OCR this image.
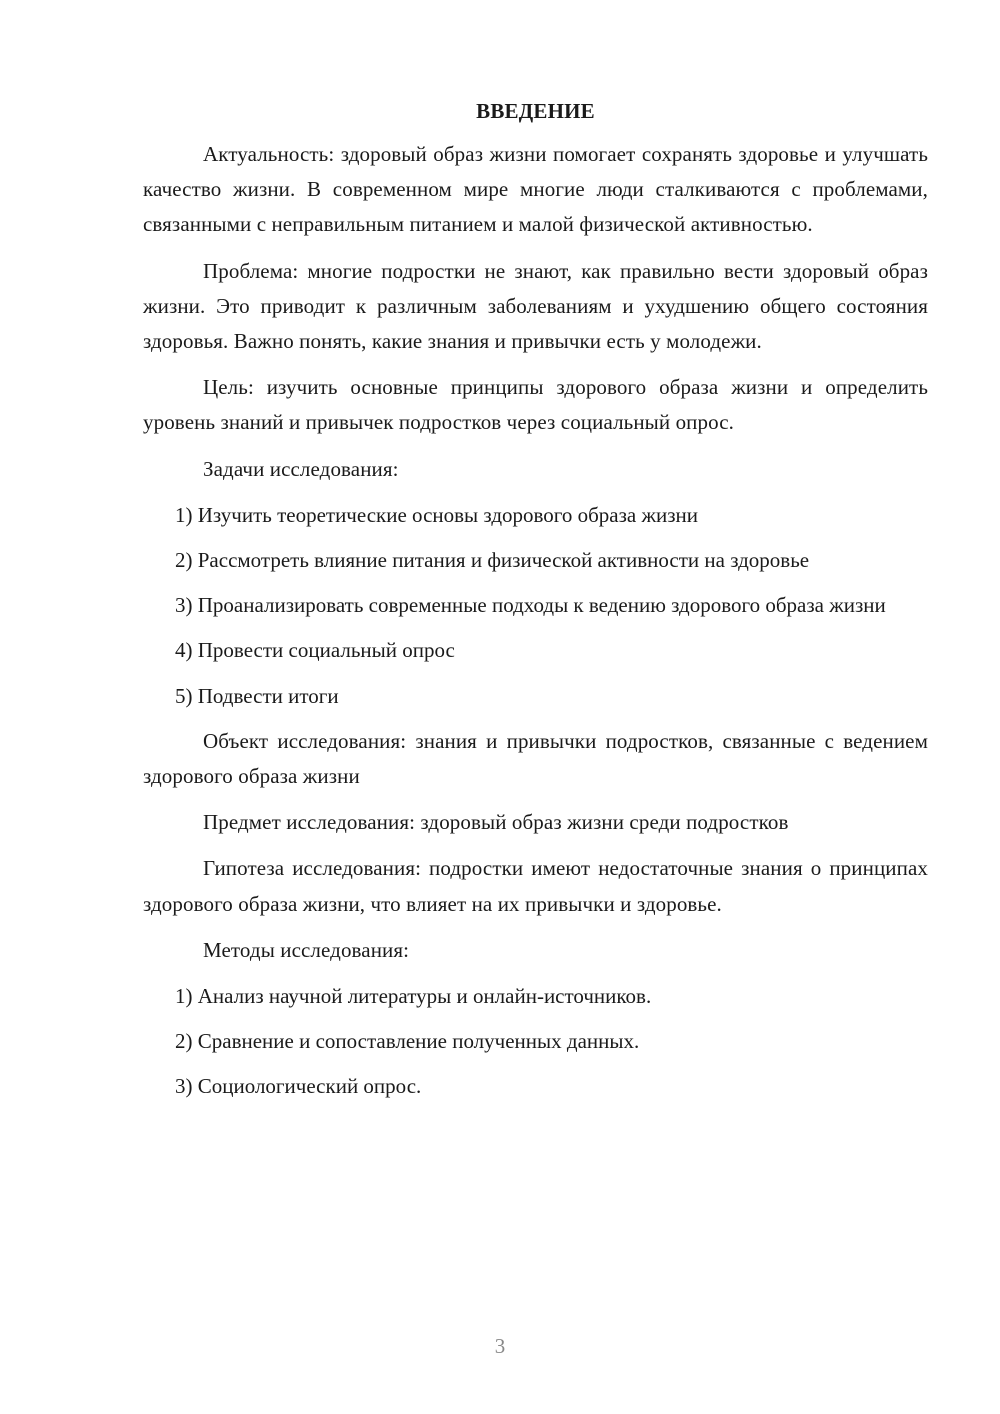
ВВЕДЕНИЕ

Актуальность: здоровый образ жизни помогает сохранять здоровье и улучшать качество жизни. В современном мире многие люди сталкиваются с проблемами, связанными с неправильным питанием и малой физической активностью.

Проблема: многие подростки не знают, как правильно вести здоровый образ жизни. Это приводит к различным заболеваниям и ухудшению общего состояния здоровья. Важно понять, какие знания и привычки есть у молодежи.

Цель: изучить основные принципы здорового образа жизни и определить уровень знаний и привычек подростков через социальный опрос.

Задачи исследования:

1) Изучить теоретические основы здорового образа жизни

2) Рассмотреть влияние питания и физической активности на здоровье

3) Проанализировать современные подходы к ведению здорового образа жизни

4) Провести социальный опрос

5) Подвести итоги

Объект исследования: знания и привычки подростков, связанные с ведением здорового образа жизни

Предмет исследования: здоровый образ жизни среди подростков

Гипотеза исследования: подростки имеют недостаточные знания о принципах здорового образа жизни, что влияет на их привычки и здоровье.

Методы исследования:

1) Анализ научной литературы и онлайн-источников.

2) Сравнение и сопоставление полученных данных.

3) Социологический опрос.

3
